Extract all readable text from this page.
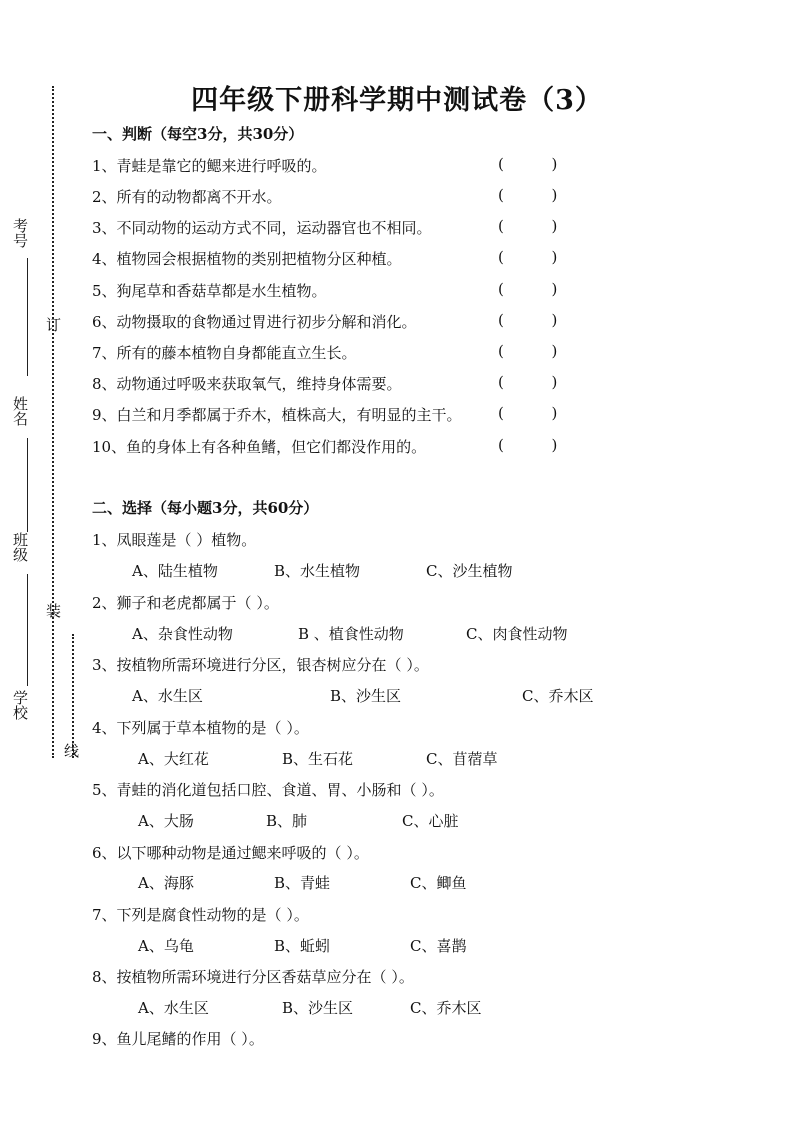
考号
姓名
班级
学校
订
装
线
四年级下册科学期中测试卷（3）
一、判断（每空3分，共30分）
1、青蛙是靠它的鳃来进行呼吸的。	(          )
2、所有的动物都离不开水。	(          )
3、不同动物的运动方式不同，运动器官也不相同。	(          )
4、植物园会根据植物的类别把植物分区种植。	(          )
5、狗尾草和香菇草都是水生植物。	(          )
6、动物摄取的食物通过胃进行初步分解和消化。	(          )
7、所有的藤本植物自身都能直立生长。	(          )
8、动物通过呼吸来获取氧气，维持身体需要。	(          )
9、白兰和月季都属于乔木，植株高大，有明显的主干。 (          )
10、鱼的身体上有各种鱼鳍，但它们都没作用的。	(          )
二、选择（每小题3分，共60分）
1、凤眼莲是（ ）植物。
A、陆生植物	B、水生植物	C、沙生植物
2、狮子和老虎都属于（ ）。
A、杂食性动物	B 、植食性动物	C、肉食性动物
3、按植物所需环境进行分区，银杏树应分在（ ）。
A、水生区	B、沙生区	C、乔木区
4、下列属于草本植物的是（ ）。
A、大红花	B、生石花	C、苜蓿草
5、青蛙的消化道包括口腔、食道、胃、小肠和（ ）。
A、大肠	B、肺	C、心脏
6、以下哪种动物是通过鳃来呼吸的（ ）。
A、海豚	B、青蛙	C、鲫鱼
7、下列是腐食性动物的是（ ）。
A、乌龟	B、蚯蚓	C、喜鹊
8、按植物所需环境进行分区香菇草应分在（ ）。
A、水生区	B、沙生区	C、乔木区
9、鱼儿尾鳍的作用（ ）。
